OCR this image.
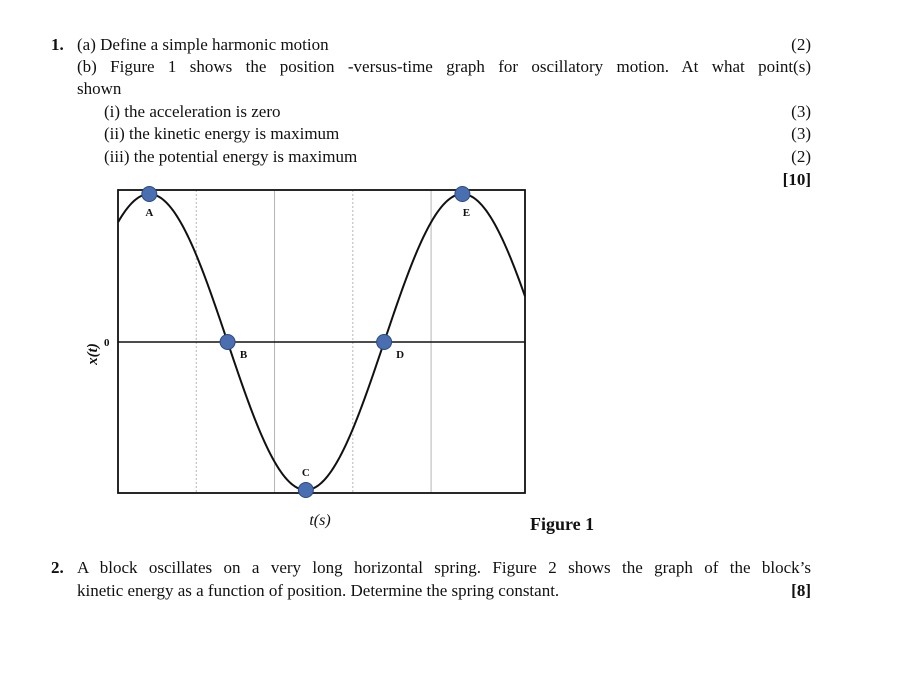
1. (a) Define a simple harmonic motion	(2)
(b) Figure 1 shows the position -versus-time graph for oscillatory motion. At what point(s)
shown
(i) the acceleration is zero	(3)
(ii) the kinetic energy is maximum	(3)
(iii) the potential energy is maximum	(2)
[10]
A
B
C
D
E
0
x(t)
t(s)	Figure 1
2. A block oscillates on a very long horizontal spring. Figure 2 shows the graph of the block’s
kinetic energy as a function of position. Determine the spring constant.	[8]
